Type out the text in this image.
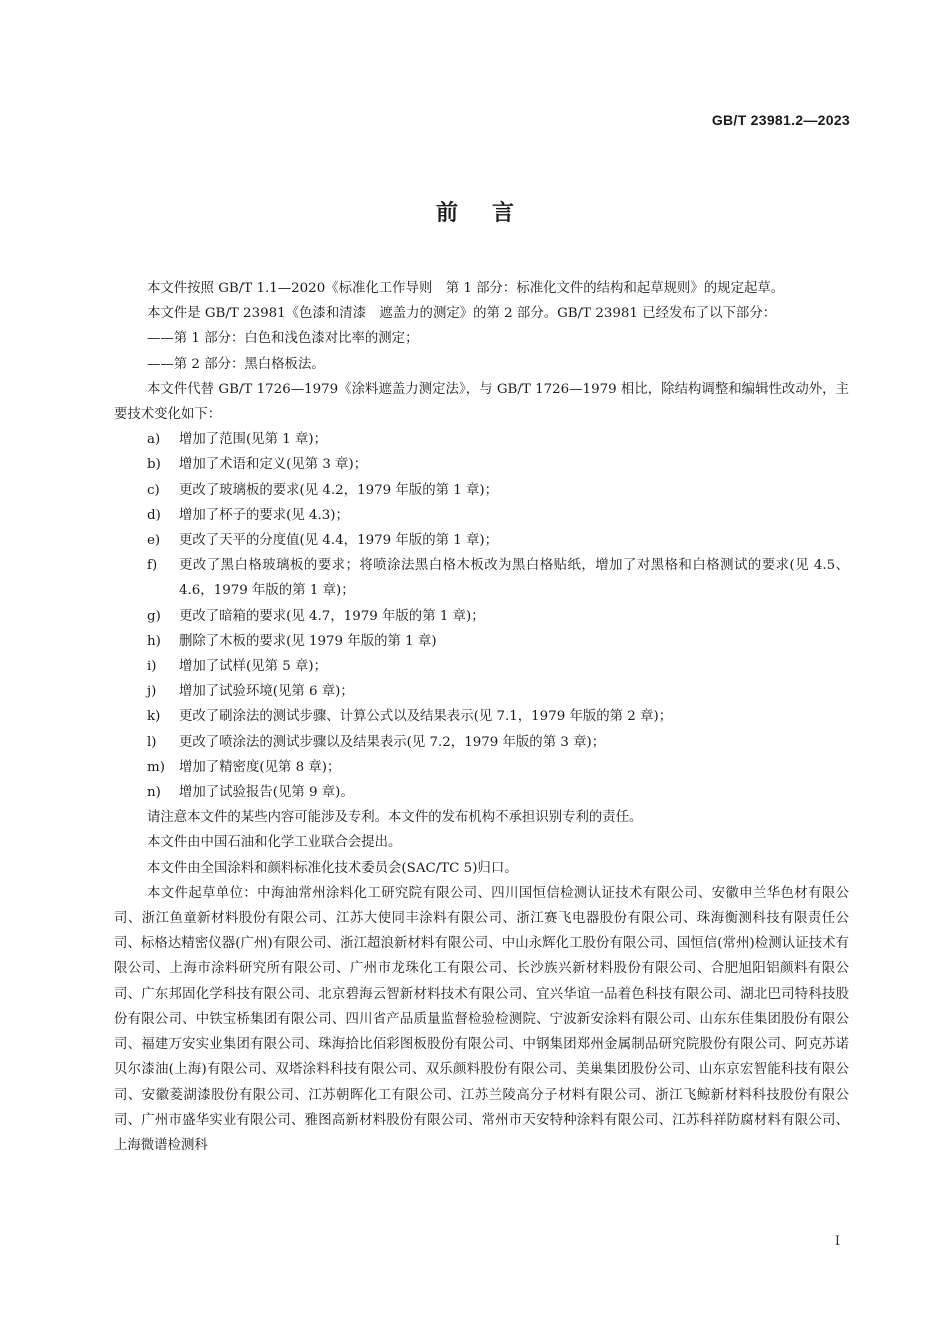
GB/T 23981.2—2023
前言

本文件按照 GB/T 1.1—2020《标准化工作导则　第 1 部分：标准化文件的结构和起草规则》的规定起草。

本文件是 GB/T 23981《色漆和清漆　遮盖力的测定》的第 2 部分。GB/T 23981 已经发布了以下部分：

——第 1 部分：白色和浅色漆对比率的测定；

——第 2 部分：黑白格板法。

本文件代替 GB/T 1726—1979《涂料遮盖力测定法》，与 GB/T 1726—1979 相比，除结构调整和编辑性改动外，主要技术变化如下：

a)	增加了范围(见第 1 章)；
b)	增加了术语和定义(见第 3 章)；
c)	更改了玻璃板的要求(见 4.2，1979 年版的第 1 章)；
d)	增加了杯子的要求(见 4.3)；
e)	更改了天平的分度值(见 4.4，1979 年版的第 1 章)；
f)	更改了黑白格玻璃板的要求；将喷涂法黑白格木板改为黑白格贴纸，增加了对黑格和白格测试的要求(见 4.5、4.6，1979 年版的第 1 章)；
g)	更改了暗箱的要求(见 4.7，1979 年版的第 1 章)；
h)	删除了木板的要求(见 1979 年版的第 1 章)
i)	增加了试样(见第 5 章)；
j)	增加了试验环境(见第 6 章)；
k)	更改了刷涂法的测试步骤、计算公式以及结果表示(见 7.1，1979 年版的第 2 章)；
l)	更改了喷涂法的测试步骤以及结果表示(见 7.2，1979 年版的第 3 章)；
m)	增加了精密度(见第 8 章)；
n)	增加了试验报告(见第 9 章)。

请注意本文件的某些内容可能涉及专利。本文件的发布机构不承担识别专利的责任。

本文件由中国石油和化学工业联合会提出。

本文件由全国涂料和颜料标准化技术委员会(SAC/TC 5)归口。

本文件起草单位：中海油常州涂料化工研究院有限公司、四川国恒信检测认证技术有限公司、安徽申兰华色材有限公司、浙江鱼童新材料股份有限公司、江苏大使同丰涂料有限公司、浙江赛飞电器股份有限公司、珠海衡测科技有限责任公司、标格达精密仪器(广州)有限公司、浙江超浪新材料有限公司、中山永辉化工股份有限公司、国恒信(常州)检测认证技术有限公司、上海市涂料研究所有限公司、广州市龙珠化工有限公司、长沙族兴新材料股份有限公司、合肥旭阳铝颜料有限公司、广东邦固化学科技有限公司、北京碧海云智新材料技术有限公司、宜兴华谊一品着色科技有限公司、湖北巴司特科技股份有限公司、中铁宝桥集团有限公司、四川省产品质量监督检验检测院、宁波新安涂料有限公司、山东东佳集团股份有限公司、福建万安实业集团有限公司、珠海拾比佰彩图板股份有限公司、中钢集团郑州金属制品研究院股份有限公司、阿克苏诺贝尔漆油(上海)有限公司、双塔涂料科技有限公司、双乐颜料股份有限公司、美巢集团股份公司、山东京宏智能科技有限公司、安徽菱湖漆股份有限公司、江苏朝晖化工有限公司、江苏兰陵高分子材料有限公司、浙江飞鲸新材料科技股份有限公司、广州市盛华实业有限公司、雅图高新材料股份有限公司、常州市天安特种涂料有限公司、江苏科祥防腐材料有限公司、上海微谱检测科

I
